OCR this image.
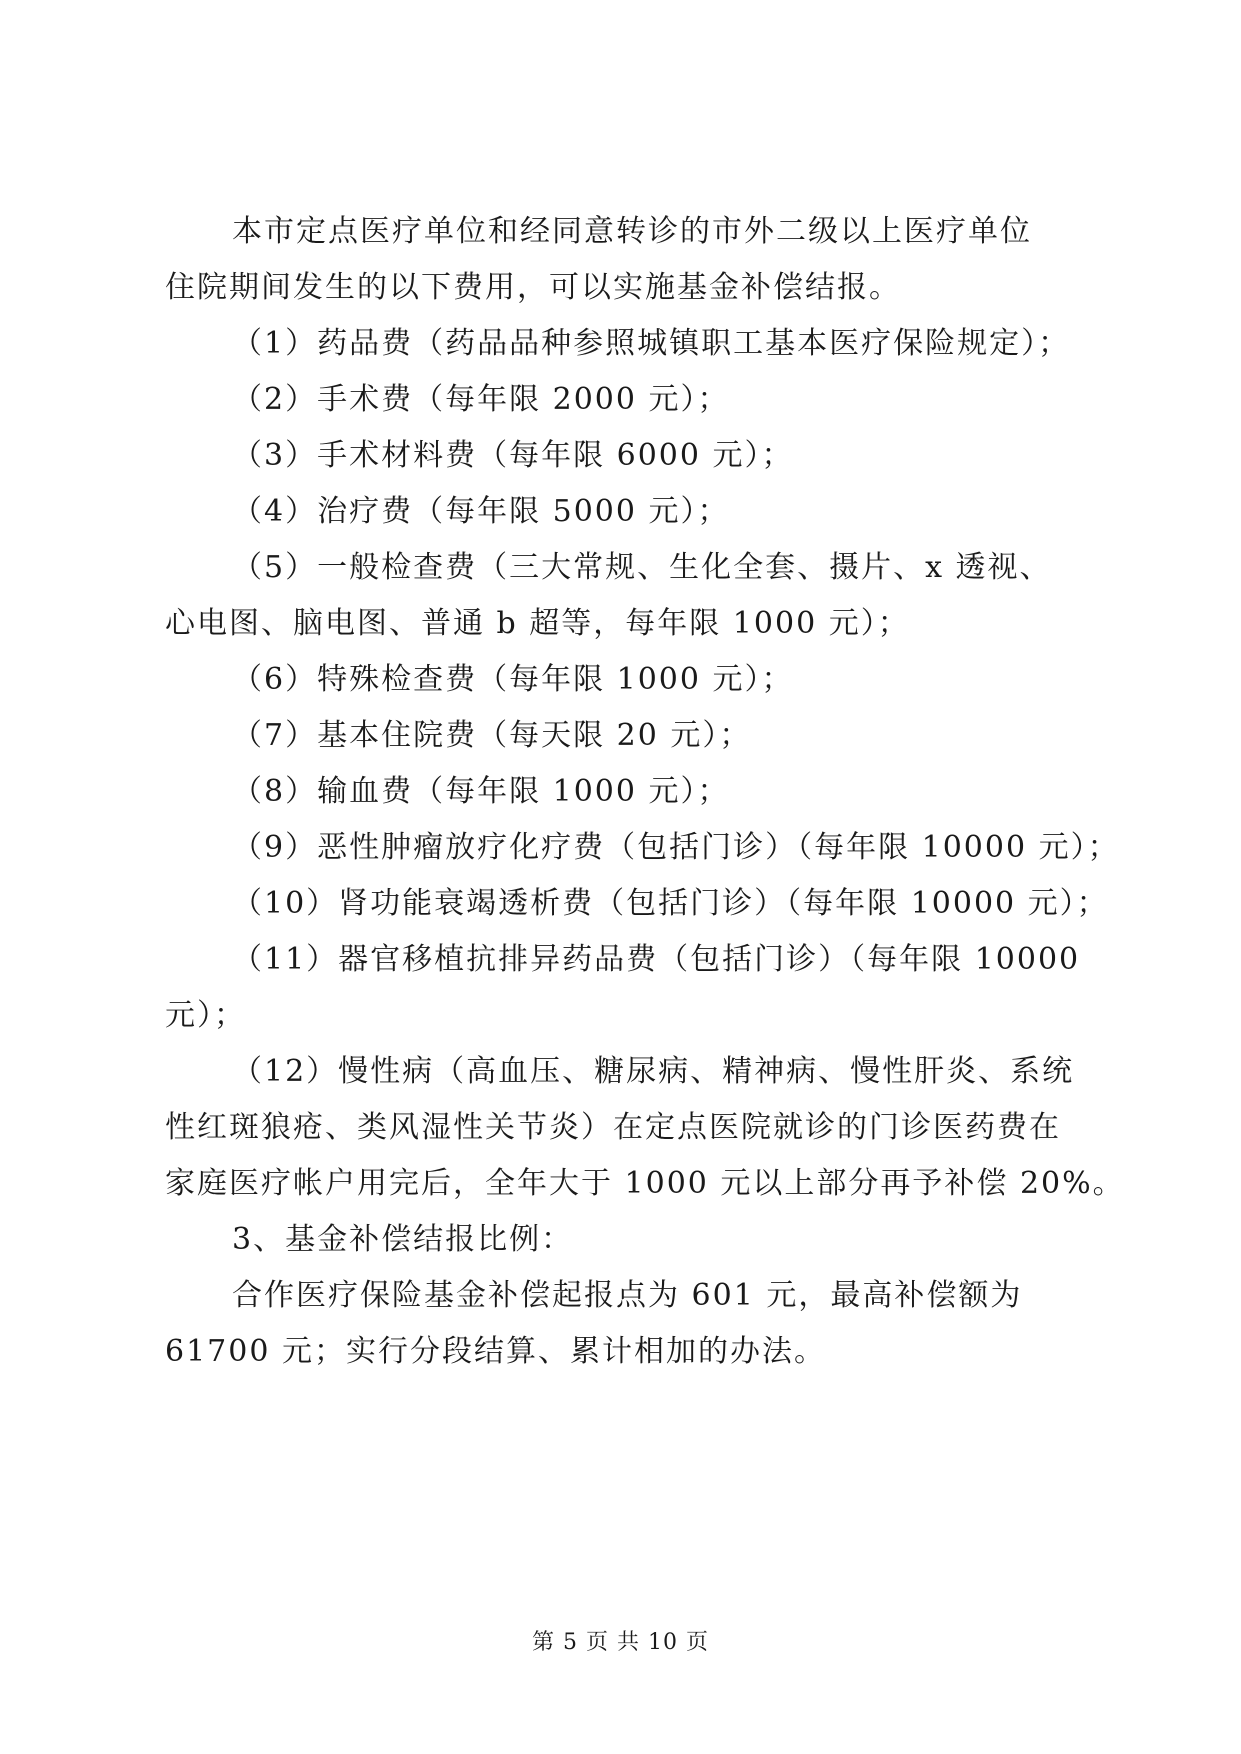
本市定点医疗单位和经同意转诊的市外二级以上医疗单位
住院期间发生的以下费用，可以实施基金补偿结报。
（1）药品费（药品品种参照城镇职工基本医疗保险规定）；
（2）手术费（每年限 2000 元）；
（3）手术材料费（每年限 6000 元）；
（4）治疗费（每年限 5000 元）；
（5）一般检查费（三大常规、生化全套、摄片、x 透视、
心电图、脑电图、普通 b 超等，每年限 1000 元）；
（6）特殊检查费（每年限 1000 元）；
（7）基本住院费（每天限 20 元）；
（8）输血费（每年限 1000 元）；
（9）恶性肿瘤放疗化疗费（包括门诊）（每年限 10000 元）；
（10）肾功能衰竭透析费（包括门诊）（每年限 10000 元）；
（11）器官移植抗排异药品费（包括门诊）（每年限 10000
元）；
（12）慢性病（高血压、糖尿病、精神病、慢性肝炎、系统
性红斑狼疮、类风湿性关节炎）在定点医院就诊的门诊医药费在
家庭医疗帐户用完后，全年大于 1000 元以上部分再予补偿 20%。
3、基金补偿结报比例：
合作医疗保险基金补偿起报点为 601 元，最高补偿额为
61700 元；实行分段结算、累计相加的办法。
第 5 页 共 10 页
